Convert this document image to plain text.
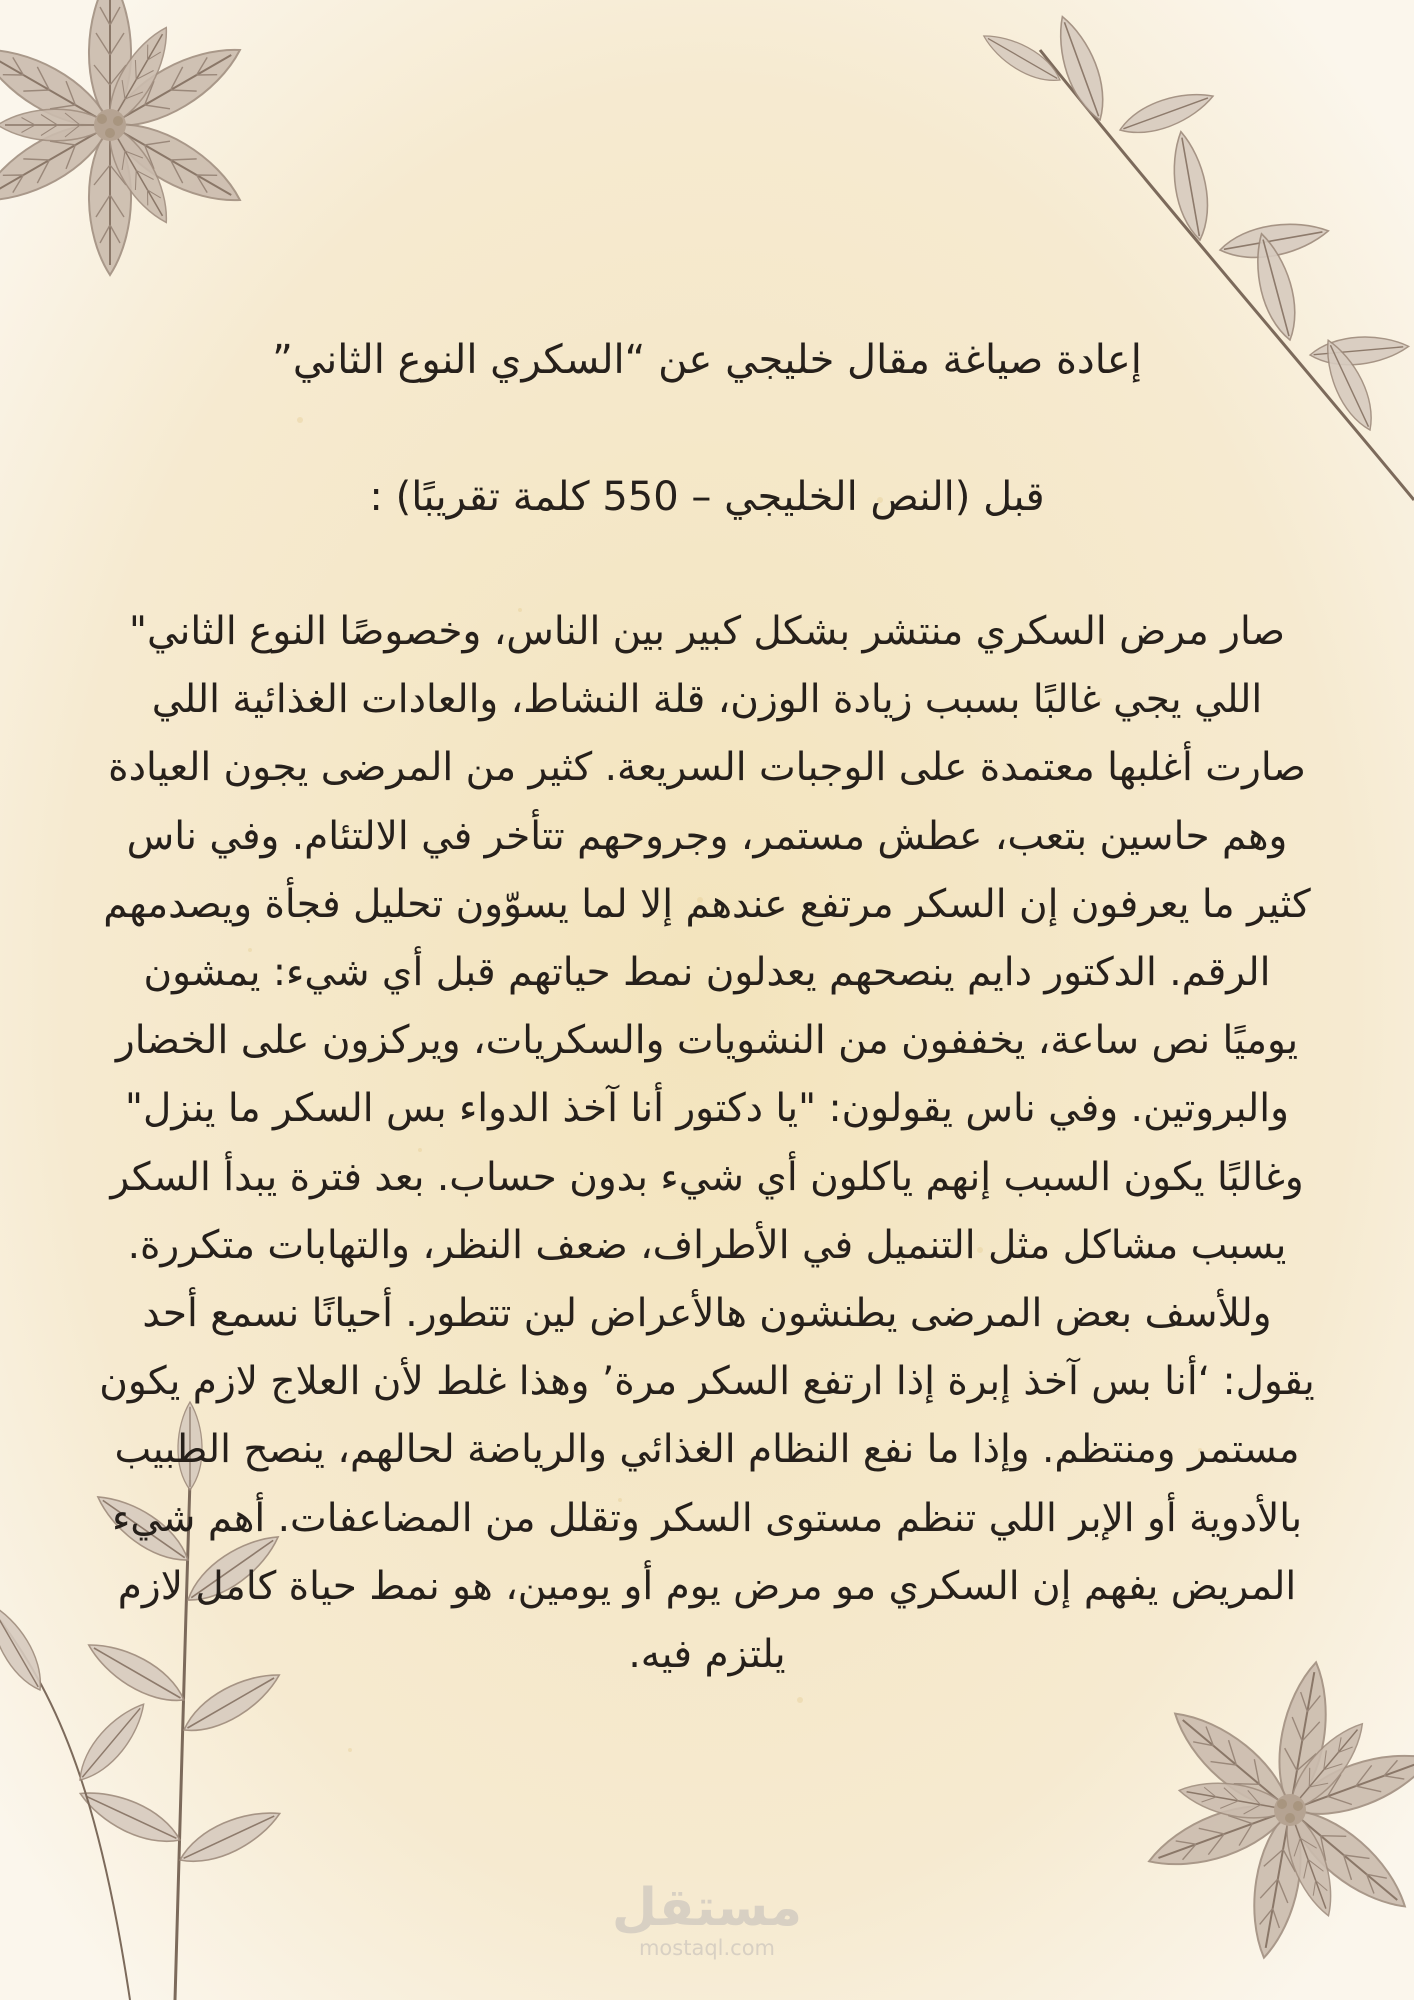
إعادة صياغة مقال خليجي عن “السكري النوع الثاني”
قبل (النص الخليجي – 550 كلمة تقريبًا) :
صار مرض السكري منتشر بشكل كبير بين الناس، وخصوصًا النوع الثاني"
اللي يجي غالبًا بسبب زيادة الوزن، قلة النشاط، والعادات الغذائية اللي
صارت أغلبها معتمدة على الوجبات السريعة. كثير من المرضى يجون العيادة
وهم حاسين بتعب، عطش مستمر، وجروحهم تتأخر في الالتئام. وفي ناس
كثير ما يعرفون إن السكر مرتفع عندهم إلا لما يسوّون تحليل فجأة ويصدمهم
الرقم. الدكتور دايم ينصحهم يعدلون نمط حياتهم قبل أي شيء: يمشون
يوميًا نص ساعة، يخففون من النشويات والسكريات، ويركزون على الخضار
والبروتين. وفي ناس يقولون: "يا دكتور أنا آخذ الدواء بس السكر ما ينزل"
وغالبًا يكون السبب إنهم ياكلون أي شيء بدون حساب. بعد فترة يبدأ السكر
يسبب مشاكل مثل التنميل في الأطراف، ضعف النظر، والتهابات متكررة.
وللأسف بعض المرضى يطنشون هالأعراض لين تتطور. أحيانًا نسمع أحد
يقول: ‘أنا بس آخذ إبرة إذا ارتفع السكر مرة’ وهذا غلط لأن العلاج لازم يكون
مستمر ومنتظم. وإذا ما نفع النظام الغذائي والرياضة لحالهم، ينصح الطبيب
بالأدوية أو الإبر اللي تنظم مستوى السكر وتقلل من المضاعفات. أهم شيء
المريض يفهم إن السكري مو مرض يوم أو يومين، هو نمط حياة كامل لازم
يلتزم فيه.
مستقل
mostaql.com
